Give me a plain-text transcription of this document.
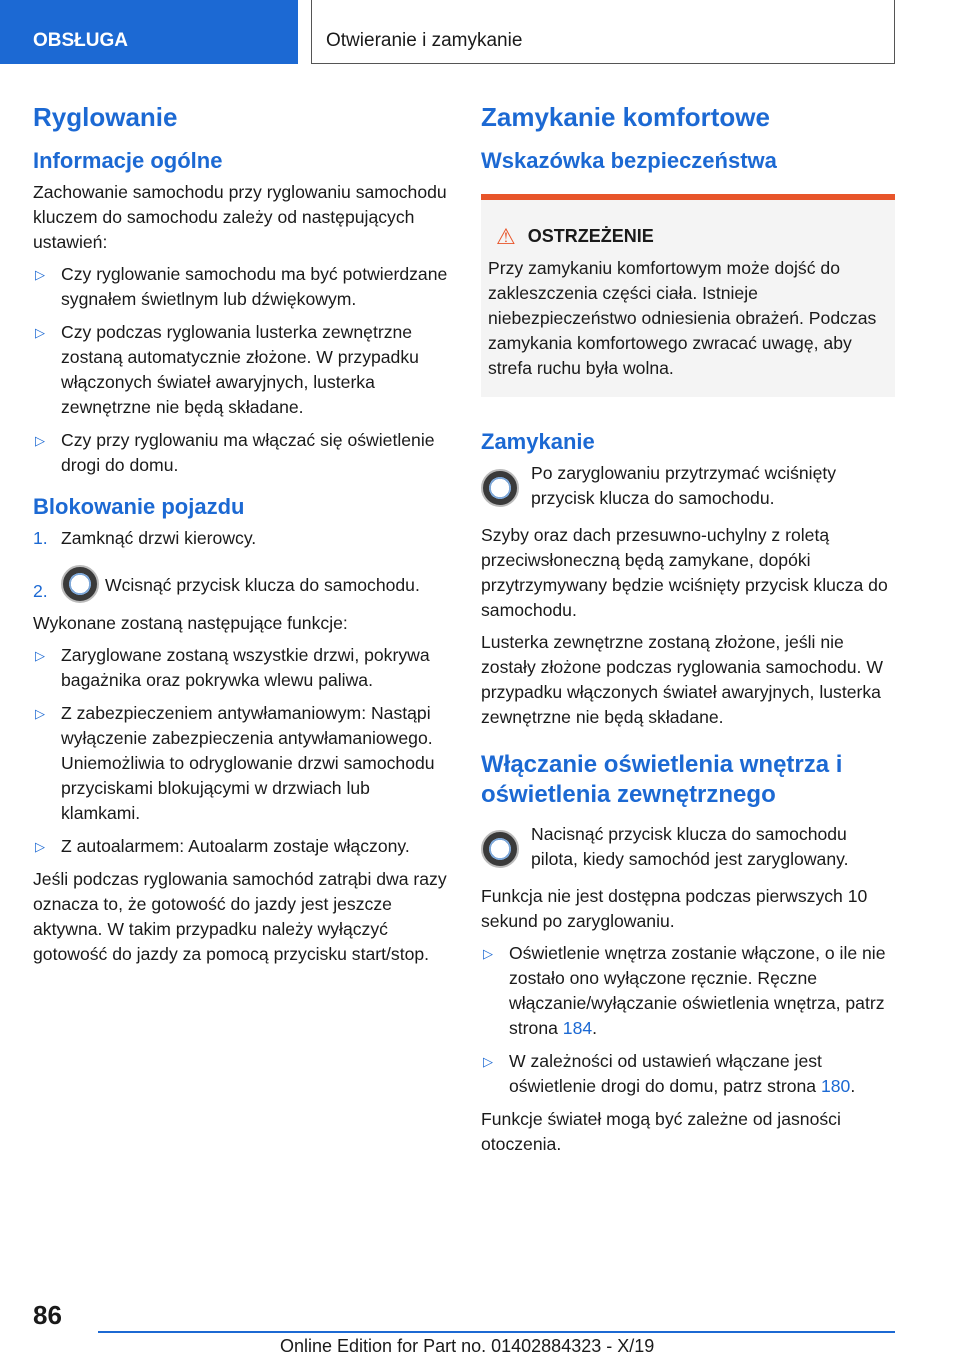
OBSŁUGA	Otwieranie i zamykanie
Ryglowanie
Informacje ogólne

Zachowanie samochodu przy ryglowaniu samochodu kluczem do samochodu zależy od następujących ustawień:

▷ Czy ryglowanie samochodu ma być potwierdzane sygnałem świetlnym lub dźwiękowym.
▷ Czy podczas ryglowania lusterka zewnętrzne zostaną automatycznie złożone. W przypadku włączonych świateł awaryjnych, lusterka zewnętrzne nie będą składane.
▷ Czy przy ryglowaniu ma włączać się oświetlenie drogi do domu.
Blokowanie pojazdu
1. Zamknąć drzwi kierowcy.
2.	Wcisnąć przycisk klucza do samochodu.

Wykonane zostaną następujące funkcje:

▷ Zaryglowane zostaną wszystkie drzwi, pokrywa bagażnika oraz pokrywka wlewu paliwa.
▷ Z zabezpieczeniem antywłamaniowym: Nastąpi wyłączenie zabezpieczenia antywłamaniowego. Uniemożliwia to odryglowanie drzwi samochodu przyciskami blokującymi w drzwiach lub klamkami.
▷ Z autoalarmem: Autoalarm zostaje włączony.

Jeśli podczas ryglowania samochód zatrąbi dwa razy oznacza to, że gotowość do jazdy jest jeszcze aktywna. W takim przypadku należy wyłączyć gotowość do jazdy za pomocą przycisku start/stop.

Zamykanie komfortowe
Wskazówka bezpieczeństwa
⚠ OSTRZEŻENIE

Przy zamykaniu komfortowym może dojść do zakleszczenia części ciała. Istnieje niebezpieczeństwo odniesienia obrażeń. Podczas zamykania komfortowego zwracać uwagę, aby strefa ruchu była wolna.

Zamykanie

Po zaryglowaniu przytrzymać wciśnięty przycisk klucza do samochodu.

Szyby oraz dach przesuwno-uchylny z roletą przeciwsłoneczną będą zamykane, dopóki przytrzymywany będzie wciśnięty przycisk klucza do samochodu.

Lusterka zewnętrzne zostaną złożone, jeśli nie zostały złożone podczas ryglowania samochodu. W przypadku włączonych świateł awaryjnych, lusterka zewnętrzne nie będą składane.

Włączanie oświetlenia wnętrza i oświetlenia zewnętrznego

Nacisnąć przycisk klucza do samochodu pilota, kiedy samochód jest zaryglowany.

Funkcja nie jest dostępna podczas pierwszych 10 sekund po zaryglowaniu.

▷ Oświetlenie wnętrza zostanie włączone, o ile nie zostało ono wyłączone ręcznie. Ręczne włączanie/wyłączanie oświetlenia wnętrza, patrz strona 184.
▷ W zależności od ustawień włączane jest oświetlenie drogi do domu, patrz strona 180.

Funkcje świateł mogą być zależne od jasności otoczenia.

86
Online Edition for Part no. 01402884323 - X/19
